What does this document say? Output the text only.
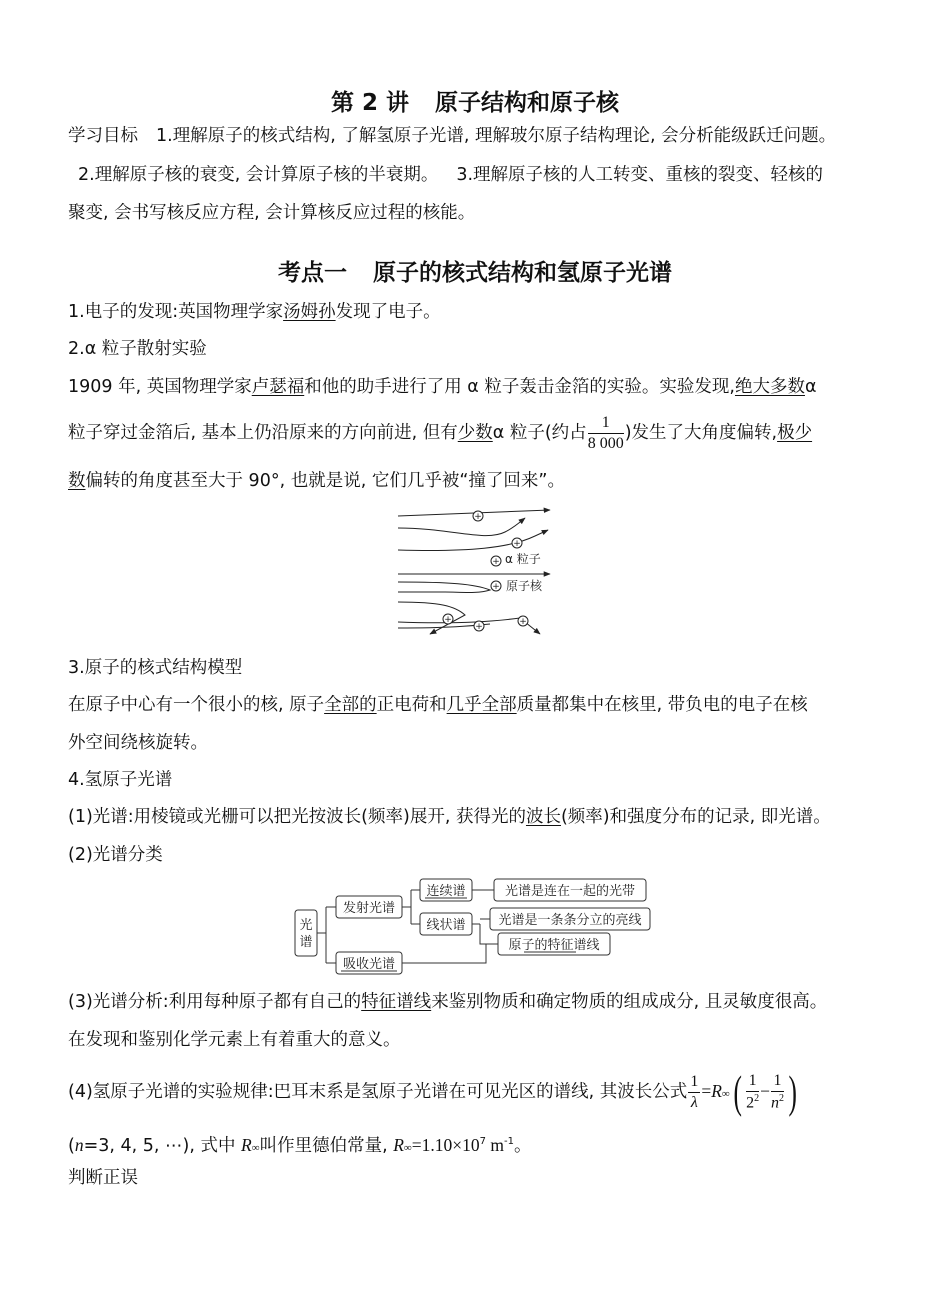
第 2 讲 原子结构和原子核
学习目标 1.理解原子的核式结构, 了解氢原子光谱, 理解玻尔原子结构理论, 会分析能级跃迁问题。
2.理解原子核的衰变, 会计算原子核的半衰期。 3.理解原子核的人工转变、重核的裂变、轻核的
聚变, 会书写核反应方程, 会计算核反应过程的核能。
考点一 原子的核式结构和氢原子光谱
1.电子的发现:英国物理学家汤姆孙发现了电子。
2.α 粒子散射实验
1909 年, 英国物理学家卢瑟福和他的助手进行了用 α 粒子轰击金箔的实验。实验发现,绝大多数α
粒子穿过金箔后, 基本上仍沿原来的方向前进, 但有少数α 粒子(约占 $\frac{1}{8 000}$ )发生了大角度偏转,极少
数偏转的角度甚至大于 90°, 也就是说, 它们几乎被“撞了回来”。
+
+
+
+
+
+	+
α 粒子
原子核
3.原子的核式结构模型
在原子中心有一个很小的核, 原子全部的正电荷和几乎全部质量都集中在核里, 带负电的电子在核
外空间绕核旋转。
4.氢原子光谱
(1)光谱:用棱镜或光栅可以把光按波长(频率)展开, 获得光的波长(频率)和强度分布的记录, 即光谱。
(2)光谱分类
光
谱
发射光谱
吸收光谱
连续谱
线状谱
光谱是连在一起的光带
光谱是一条条分立的亮线
原子的特征谱线
(3)光谱分析:利用每种原子都有自己的特征谱线来鉴别物质和确定物质的组成成分, 且灵敏度很高。
在发现和鉴别化学元素上有着重大的意义。
(4)氢原子光谱的实验规律:巴耳末系是氢原子光谱在可见光区的谱线, 其波长公式 $\frac{1}{\lambda} =R\infty( \frac{1}{2^2} - \frac{1}{n^2}$ )
(n=3, 4, 5, ⋯), 式中 R∞叫作里德伯常量, $R\infty=1.10\times 10^7$ $m^{-1}$。
判断正误
